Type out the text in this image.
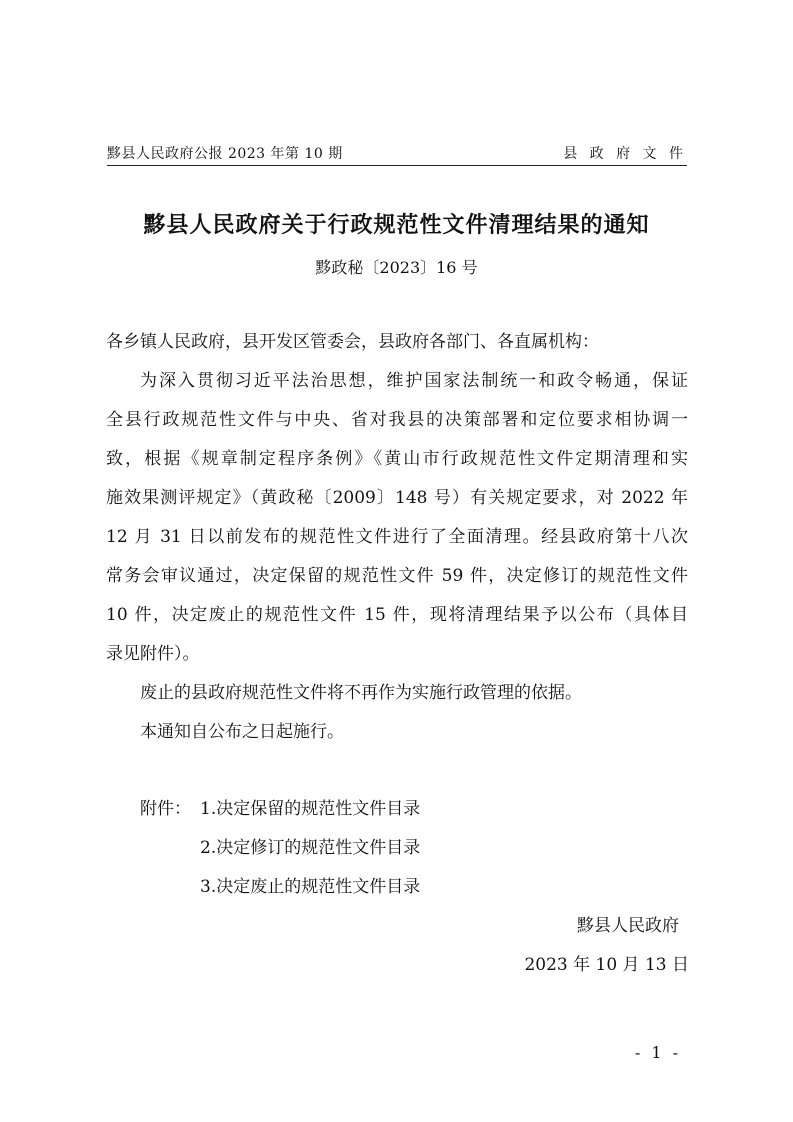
黟县人民政府公报 2023 年第 10 期	县 政 府 文 件
黟县人民政府关于行政规范性文件清理结果的通知
黟政秘〔2023〕16 号
各乡镇人民政府，县开发区管委会，县政府各部门、各直属机构：
为深入贯彻习近平法治思想，维护国家法制统一和政令畅通，保证
全县行政规范性文件与中央、省对我县的决策部署和定位要求相协调一
致，根据《规章制定程序条例》《黄山市行政规范性文件定期清理和实
施效果测评规定》（黄政秘〔2009〕148 号）有关规定要求，对 2022 年
12 月 31 日以前发布的规范性文件进行了全面清理。经县政府第十八次
常务会审议通过，决定保留的规范性文件 59 件，决定修订的规范性文件
10 件，决定废止的规范性文件 15 件，现将清理结果予以公布（具体目
录见附件）。
废止的县政府规范性文件将不再作为实施行政管理的依据。
本通知自公布之日起施行。
附件： 1.决定保留的规范性文件目录
2.决定修订的规范性文件目录
3.决定废止的规范性文件目录
黟县人民政府
2023 年 10 月 13 日
- 1 -
